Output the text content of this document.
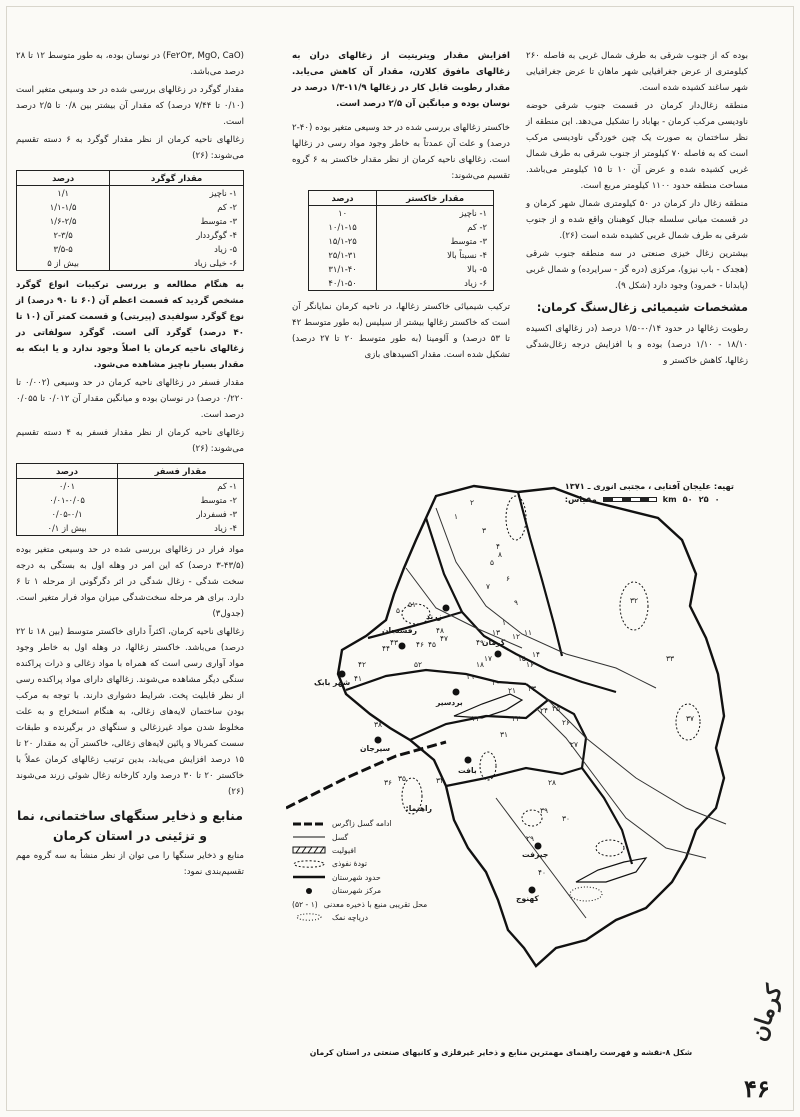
بوده که از جنوب شرقی به طرف شمال غربی به فاصله ۲۶۰ کیلومتری از عرض جغرافیایی شهر ماهان تا عرض جغرافیایی شهر ساغند کشیده شده است.

منطقه زغال‌دار کرمان در قسمت جنوب شرقی حوضه ناودیسی مرکب کرمان - بهاباد را تشکیل می‌دهد. این منطقه از نظر ساختمان به صورت یک چین خوردگی ناودیسی مرکب است که به فاصله ۷۰ کیلومتر از جنوب شرقی به طرف شمال غربی کشیده شده و عرض آن ۱۰ تا ۱۵ کیلومتر می‌باشد. مساحت منطقه حدود ۱۱۰۰ کیلومتر مربع است.

منطقه زغال دار کرمان در ۵۰ کیلومتری شمال شهر کرمان و در قسمت میانی سلسله جبال کوهبنان واقع شده و از جنوب شرقی به طرف شمال غربی کشیده شده است (۲۶).

بیشترین زغال خیزی صنعتی در سه منطقه جنوب شرقی (هجدک - باب نیزو)، مرکزی (دره گز - سرایرده) و شمال غربی (پابدانا - خمرود) وجود دارد (شکل ۹).

مشخصات شیمیائی زغال‌سنگ کرمان:

رطوبت زغالها در حدود ۰/۱۴-۱/۵۰ درصد (در زغالهای اکسیده ۱۸/۱۰ - ۱/۱۰ درصد) بوده و با افزایش درجه زغال‌شدگی زغالها، کاهش خاکستر و

افزایش مقدار ویتریتیت از زغالهای دران به زغالهای مافوق کلارن، مقدار آن کاهش می‌یابد. مقدار رطوبت قابل کار در زغالها ۱۱/۹-۱/۳ درصد در نوسان بوده و میانگین آن ۲/۵ درصد است.

خاکستر زغالهای بررسی شده در حد وسیعی متغیر بوده (۴۰-۲ درصد) و علت آن عمدتاً به خاطر وجود مواد رسی در زغالها است. زغالهای ناحیه کرمان از نظر مقدار خاکستر به ۶ گروه تقسیم می‌شوند:

مقدار خاکستر	درصد
۱- ناچیز	۱۰
۲- کم	۱۰/۱-۱۵
۳- متوسط	۱۵/۱-۲۵
۴- نسبتاً بالا	۲۵/۱-۳۱
۵- بالا	۳۱/۱-۴۰
۶- زیاد	۴۰/۱-۵۰

ترکیب شیمیائی خاکستر زغالها، در ناحیه کرمان نمایانگر آن است که خاکستر زغالها بیشتر از سیلیس (به طور متوسط ۴۲ تا ۵۳ درصد) و آلومینا (به طور متوسط ۲۰ تا ۲۷ درصد) تشکیل شده است. مقدار اکسیدهای بازی

(Fe۲O۳, MgO, CaO) در نوسان بوده، به طور متوسط ۱۲ تا ۲۸ درصد می‌باشد.

مقدار گوگرد در زغالهای بررسی شده در حد وسیعی متغیر است (۰/۱۰ تا ۷/۴۴ درصد) که مقدار آن بیشتر بین ۰/۸ تا ۲/۵ درصد است.

زغالهای ناحیه کرمان از نظر مقدار گوگرد به ۶ دسته تقسیم می‌شوند: (۲۶)

مقدار گوگرد	درصد
۱- ناچیز	۱/۱
۲- کم	۱/۱-۱/۵
۳- متوسط	۱/۶-۲/۵
۴- گوگرددار	۲-۳/۵
۵- زیاد	۳/۵-۵
۶- خیلی زیاد	بیش از ۵

به هنگام مطالعه و بررسی ترکیبات انواع گوگرد مشخص گردید که قسمت اعظم آن (۶۰ تا ۹۰ درصد) از نوع گوگرد سولفیدی (پیریتی) و قسمت کمتر آن (۱۰ تا ۴۰ درصد) گوگرد آلی است. گوگرد سولفاتی در زغالهای ناحیه کرمان یا اصلاً وجود ندارد و یا اینکه به مقدار بسیار ناچیز مشاهده می‌شود.

مقدار فسفر در زغالهای ناحیه کرمان در حد وسیعی (۰/۰۰۲ تا ۰/۲۲۰ درصد) در نوسان بوده و میانگین مقدار آن ۰/۰۱۲ تا ۰/۰۵۵ درصد است.

زغالهای ناحیه کرمان از نظر مقدار فسفر به ۴ دسته تقسیم می‌شوند: (۲۶)

مقدار فسفر	درصد
۱- کم	۰/۰۱
۲- متوسط	۰/۰۱-۰/۰۵
۳- فسفردار	۰/۰۵-۰/۱
۴- زیاد	بیش از ۰/۱

مواد فرار در زغالهای بررسی شده در حد وسیعی متغیر بوده (۴۳/۵-۳ درصد) که این امر در وهله اول به بستگی به درجه سخت شدگی - زغال شدگی در اثر دگرگونی از مرحله ۱ تا ۶ دارد. برای هر مرحله سخت‌شدگی میزان مواد فرار متغیر است. (جدول۳)

زغالهای ناحیه کرمان، اکثراً دارای خاکستر متوسط (بین ۱۸ تا ۲۲ درصد) می‌باشد. خاکستر زغالها، در وهله اول به خاطر وجود مواد آواری رسی است که همراه با مواد زغالی و ذرات پراکنده سنگی دیگر مشاهده می‌شوند. زغالهای دارای مواد پراکنده رسی از نظر قابلیت پخت. شرایط دشواری دارند. با توجه به مرکب بودن ساختمان لایه‌های زغالی، به هنگام استخراج و به علت مخلوط شدن مواد غیرزغالی و سنگهای در برگیرنده و طبقات سست کمربالا و پائین لایه‌های زغالی، خاکستر آن به مقدار ۲۰ تا ۱۵ درصد افزایش می‌یابد، بدین ترتیب زغالهای کرمان عملاً با خاکستر ۲۰ تا ۳۰ درصد وارد کارخانه زغال شوئی زرند می‌شوند (۲۶)

منابع و ذخایر سنگهای ساختمانی، نما و تزئینی در استان کرمان

منابع و ذخایر سنگها را می توان از نظر منشأ به سه گروه مهم تقسیم‌بندی نمود:

تهیه: علیجان آفتابی ، مجتبی انوری ـ ۱۳۷۱
مقیاس:	km ۵۰ ۲۵ ۰
زرند
رفسنجان
کرمان
شهر بابک
بردسیر
سیرجان
بافت
جیرفت
کهنوج
۱
۲
۳
۴
۵
۶
۷
۸
۹
۱۰
۱۱
۱۲
۱۳
۱۴
۱۵
۱۶
۱۷
۱۸
۱۹
۲۰
۲۱
۲۲
۲۳
۲۴ ۲۵
۲۶
۲۷
۲۸
۲۹
۳۰
۳۱
۳۲
۳۳
۳۳
۳۴
۳۵
۳۶
۳۷
۳۸
۳۹
۴۰
۴۱
۴۲
۴۳
۴۴	۴۵
۴۶
۴۷
۴۸
۴۹
۵۰
۵۱
۵۲
راهنما:
ادامه گسل زاگرس
گسل
افیولیت
تودۀ نفوذی
حدود شهرستان
مرکز شهرستان
محل تقریبی منبع با ذخیره معدنی
(۵۲ - ۱)
دریاچه نمک
شکل ۸-نقشه و فهرست راهنمای مهمترین منابع و ذخایر غیرفلزی و کانیهای صنعتی در استان کرمان
کرمان
۴۶
